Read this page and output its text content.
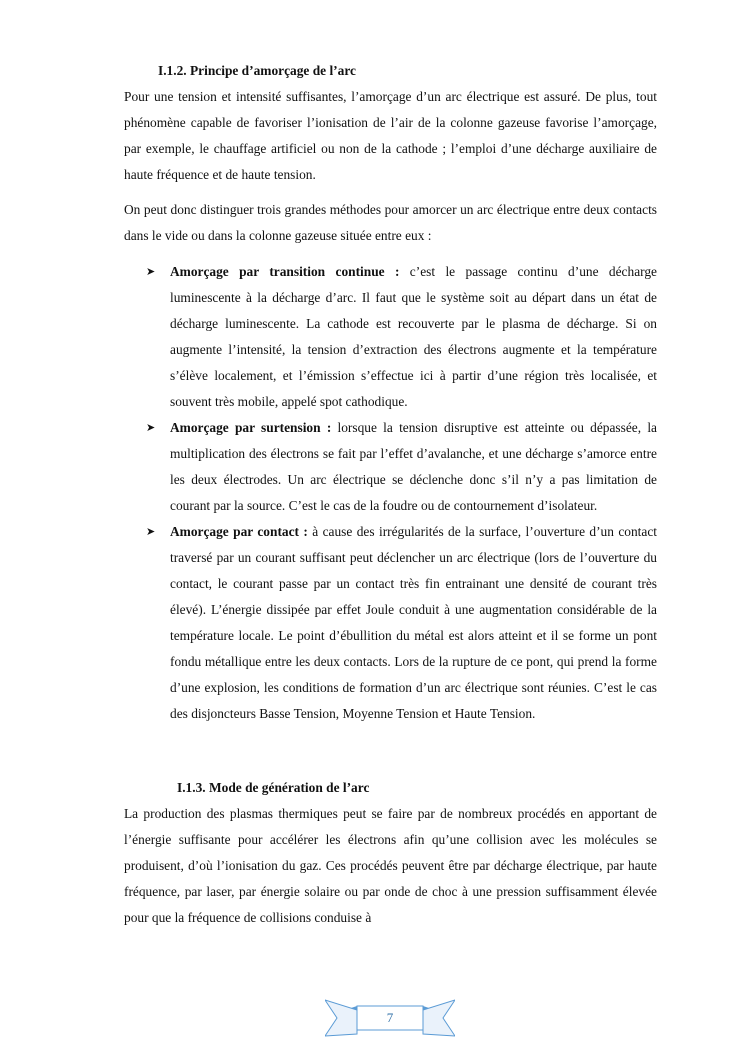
I.1.2. Principe d’amorçage de l’arc

Pour une tension et intensité suffisantes, l’amorçage d’un arc électrique est assuré. De plus, tout phénomène capable de favoriser l’ionisation de l’air de la colonne gazeuse favorise l’amorçage, par exemple, le chauffage artificiel ou non de la cathode ; l’emploi d’une décharge auxiliaire de haute fréquence et de haute tension.

On peut donc distinguer trois grandes méthodes pour amorcer un arc électrique entre deux contacts dans le vide ou dans la colonne gazeuse située entre eux :

➤ Amorçage par transition continue : c’est le passage continu d’une décharge luminescente à la décharge d’arc. Il faut que le système soit au départ dans un état de décharge luminescente. La cathode est recouverte par le plasma de décharge. Si on augmente l’intensité, la tension d’extraction des électrons augmente et la température s’élève localement, et l’émission s’effectue ici à partir d’une région très localisée, et souvent très mobile, appelé spot cathodique.
➤ Amorçage par surtension : lorsque la tension disruptive est atteinte ou dépassée, la multiplication des électrons se fait par l’effet d’avalanche, et une décharge s’amorce entre les deux électrodes. Un arc électrique se déclenche donc s’il n’y a pas limitation de courant par la source. C’est le cas de la foudre ou de contournement d’isolateur.
➤ Amorçage par contact : à cause des irrégularités de la surface, l’ouverture d’un contact traversé par un courant suffisant peut déclencher un arc électrique (lors de l’ouverture du contact, le courant passe par un contact très fin entrainant une densité de courant très élevé). L’énergie dissipée par effet Joule conduit à une augmentation considérable de la température locale. Le point d’ébullition du métal est alors atteint et il se forme un pont fondu métallique entre les deux contacts. Lors de la rupture de ce pont, qui prend la forme d’une explosion, les conditions de formation d’un arc électrique sont réunies. C’est le cas des disjoncteurs Basse Tension, Moyenne Tension et Haute Tension.

I.1.3. Mode de génération de l’arc

La production des plasmas thermiques peut se faire par de nombreux procédés en apportant de l’énergie suffisante pour accélérer les électrons afin qu’une collision avec les molécules se produisent, d’où l’ionisation du gaz. Ces procédés peuvent être par décharge électrique, par haute fréquence, par laser, par énergie solaire ou par onde de choc à une pression suffisamment élevée pour que la fréquence de collisions conduise à

7
